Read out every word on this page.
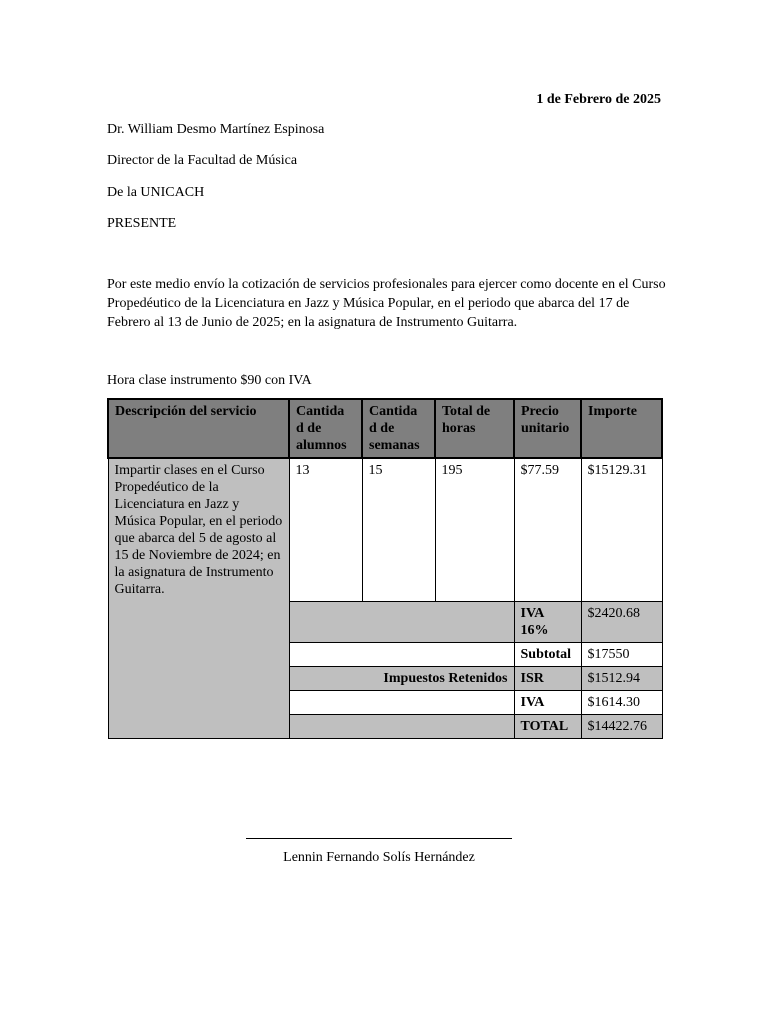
1 de Febrero de 2025
Dr. William Desmo Martínez Espinosa
Director de la Facultad de Música
De la UNICACH
PRESENTE
Por este medio envío la cotización de servicios profesionales para ejercer como docente en el Curso Propedéutico de la Licenciatura en Jazz y Música Popular, en el periodo que abarca del 17 de Febrero al 13 de Junio de 2025; en la asignatura de Instrumento Guitarra.
Hora clase instrumento $90 con IVA
Descripción del servicio	Cantida d de alumnos	Cantida d de semanas	Total de horas	Precio unitario	Importe
Impartir clases en el Curso Propedéutico de la Licenciatura en Jazz y Música Popular, en el periodo que abarca del 5 de agosto al 15 de Noviembre de 2024; en la asignatura de Instrumento Guitarra.	13	15	195	$77.59	$15129.31
				IVA 16%	$2420.68
				Subtotal	$17550
	Impuestos Retenidos			ISR	$1512.94
				IVA	$1614.30
				TOTAL	$14422.76
Lennin Fernando Solís Hernández
